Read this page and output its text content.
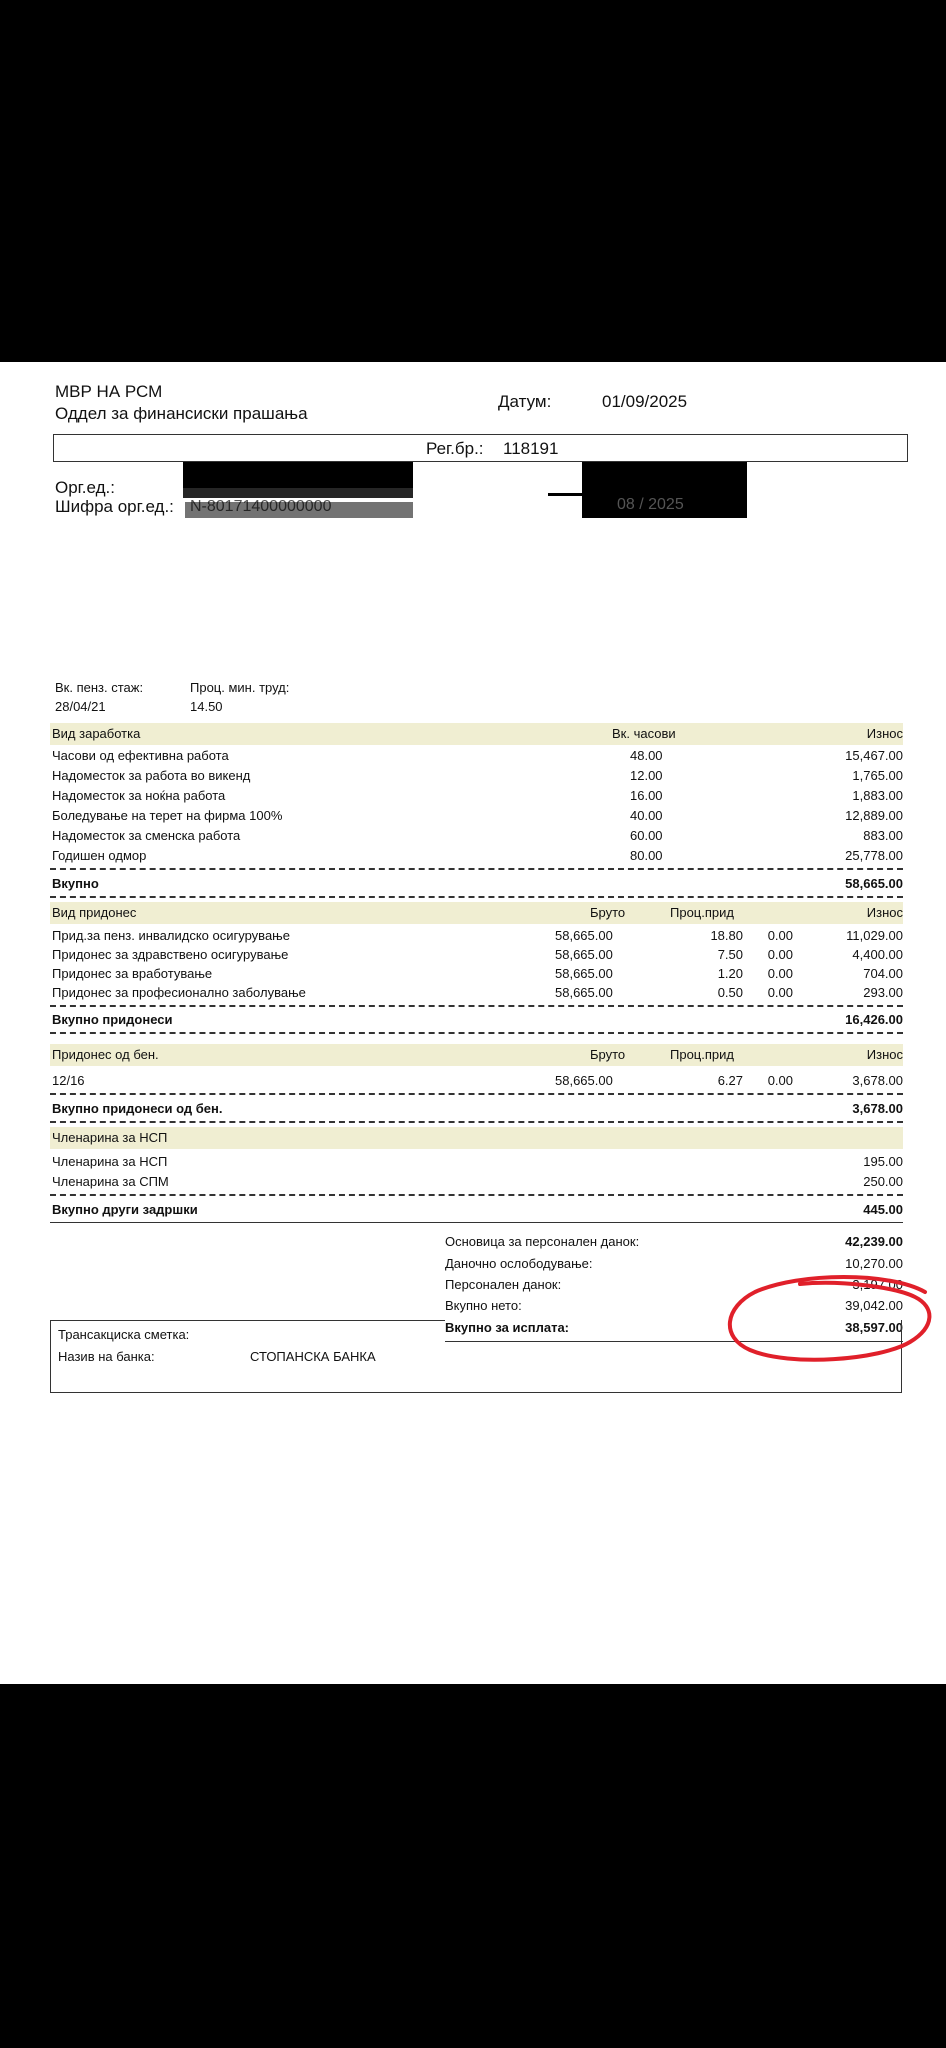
МВР НА РСМ
Оддел за финансиски прашања
Датум:	01/09/2025
Рег.бр.: 118191
Орг.ед.:
Шифра орг.ед.:	08 / 2025
Вк. пенз. стаж:
28/04/21
Проц. мин. труд:
14.50
Вид заработка	Вк. часови	Износ
Часови од ефективна работа	48.00	15,467.00
Надоместок за работа во викенд	12.00	1,765.00
Надоместок за ноќна работа	16.00	1,883.00
Боледување на терет на фирма 100%	40.00	12,889.00
Надоместок за сменска работа	60.00	883.00
Годишен одмор	80.00	25,778.00
Вкупно	58,665.00
Вид придонес	Бруто	Проц.прид	Износ
Прид.за пенз. инвалидско осигурување	58,665.00	18.80 0.00	11,029.00
Придонес за здравствено осигурување	58,665.00	7.50 0.00	4,400.00
Придонес за вработување	58,665.00	1.20 0.00	704.00
Придонес за професионално заболување	58,665.00	0.50 0.00	293.00
Вкупно придонеси	16,426.00
Придонес од бен.	Бруто	Проц.прид	Износ
12/16	58,665.00	6.27 0.00	3,678.00
Вкупно придонеси од бен.	3,678.00
Членарина за НСП
Членарина за НСП	195.00
Членарина за СПМ	250.00
Вкупно други задршки	445.00
Основица за персонален данок:	42,239.00
Даночно ослободување:	10,270.00
Персонален данок:	3,197.00
Вкупно нето:	39,042.00
Вкупно за исплата:	38,597.00
Трансакциска сметка:
Назив на банка:	СТОПАНСКА БАНКА
